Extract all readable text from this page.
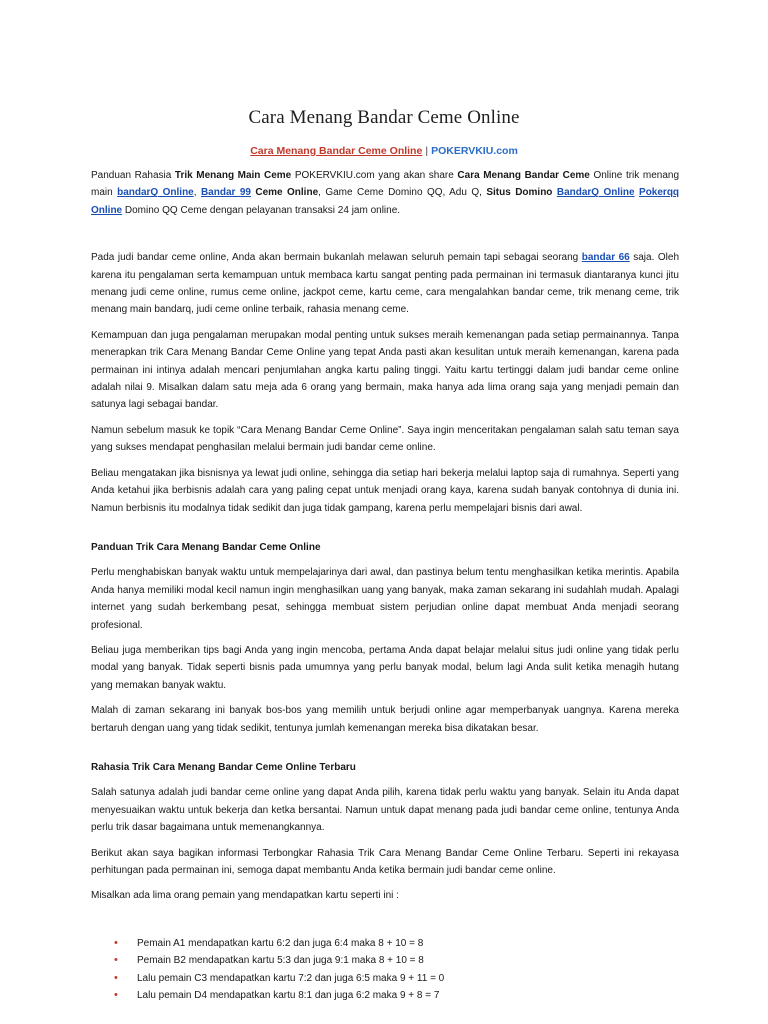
Cara Menang Bandar Ceme Online
Cara Menang Bandar Ceme Online | POKERVKIU.com

Panduan Rahasia Trik Menang Main Ceme POKERVKIU.com yang akan share Cara Menang Bandar Ceme Online trik menang main bandarQ Online, Bandar 99 Ceme Online, Game Ceme Domino QQ, Adu Q, Situs Domino BandarQ Online Pokerqq Online Domino QQ Ceme dengan pelayanan transaksi 24 jam online.

Pada judi bandar ceme online, Anda akan bermain bukanlah melawan seluruh pemain tapi sebagai seorang bandar 66 saja. Oleh karena itu pengalaman serta kemampuan untuk membaca kartu sangat penting pada permainan ini termasuk diantaranya kunci jitu menang judi ceme online, rumus ceme online, jackpot ceme, kartu ceme, cara mengalahkan bandar ceme, trik menang ceme, trik menang main bandarq, judi ceme online terbaik, rahasia menang ceme.

Kemampuan dan juga pengalaman merupakan modal penting untuk sukses meraih kemenangan pada setiap permainannya. Tanpa menerapkan trik Cara Menang Bandar Ceme Online yang tepat Anda pasti akan kesulitan untuk meraih kemenangan, karena pada permainan ini intinya adalah mencari penjumlahan angka kartu paling tinggi. Yaitu kartu tertinggi dalam judi bandar ceme online adalah nilai 9. Misalkan dalam satu meja ada 6 orang yang bermain, maka hanya ada lima orang saja yang menjadi pemain dan satunya lagi sebagai bandar.

Namun sebelum masuk ke topik “Cara Menang Bandar Ceme Online”. Saya ingin menceritakan pengalaman salah satu teman saya yang sukses mendapat penghasilan melalui bermain judi bandar ceme online.

Beliau mengatakan jika bisnisnya ya lewat judi online, sehingga dia setiap hari bekerja melalui laptop saja di rumahnya. Seperti yang Anda ketahui jika berbisnis adalah cara yang paling cepat untuk menjadi orang kaya, karena sudah banyak contohnya di dunia ini. Namun berbisnis itu modalnya tidak sedikit dan juga tidak gampang, karena perlu mempelajari bisnis dari awal.

Panduan Trik Cara Menang Bandar Ceme Online

Perlu menghabiskan banyak waktu untuk mempelajarinya dari awal, dan pastinya belum tentu menghasilkan ketika merintis. Apabila Anda hanya memiliki modal kecil namun ingin menghasilkan uang yang banyak, maka zaman sekarang ini sudahlah mudah. Apalagi internet yang sudah berkembang pesat, sehingga membuat sistem perjudian online dapat membuat Anda menjadi seorang profesional.

Beliau juga memberikan tips bagi Anda yang ingin mencoba, pertama Anda dapat belajar melalui situs judi online yang tidak perlu modal yang banyak. Tidak seperti bisnis pada umumnya yang perlu banyak modal, belum lagi Anda sulit ketika menagih hutang yang memakan banyak waktu.

Malah di zaman sekarang ini banyak bos-bos yang memilih untuk berjudi online agar memperbanyak uangnya. Karena mereka bertaruh dengan uang yang tidak sedikit, tentunya jumlah kemenangan mereka bisa dikatakan besar.

Rahasia Trik Cara Menang Bandar Ceme Online Terbaru

Salah satunya adalah judi bandar ceme online yang dapat Anda pilih, karena tidak perlu waktu yang banyak. Selain itu Anda dapat menyesuaikan waktu untuk bekerja dan ketka bersantai. Namun untuk dapat menang pada judi bandar ceme online, tentunya Anda perlu trik dasar bagaimana untuk memenangkannya.

Berikut akan saya bagikan informasi Terbongkar Rahasia Trik Cara Menang Bandar Ceme Online Terbaru. Seperti ini rekayasa perhitungan pada permainan ini, semoga dapat membantu Anda ketika bermain judi bandar ceme online.

Misalkan ada lima orang pemain yang mendapatkan kartu seperti ini :

• Pemain A1 mendapatkan kartu 6:2 dan juga 6:4 maka 8 + 10 = 8
• Pemain B2 mendapatkan kartu 5:3 dan juga 9:1 maka 8 + 10 = 8
• Lalu pemain C3 mendapatkan kartu 7:2 dan juga 6:5 maka 9 + 11 = 0
• Lalu pemain D4 mendapatkan kartu 8:1 dan juga 6:2 maka 9 + 8 = 7
